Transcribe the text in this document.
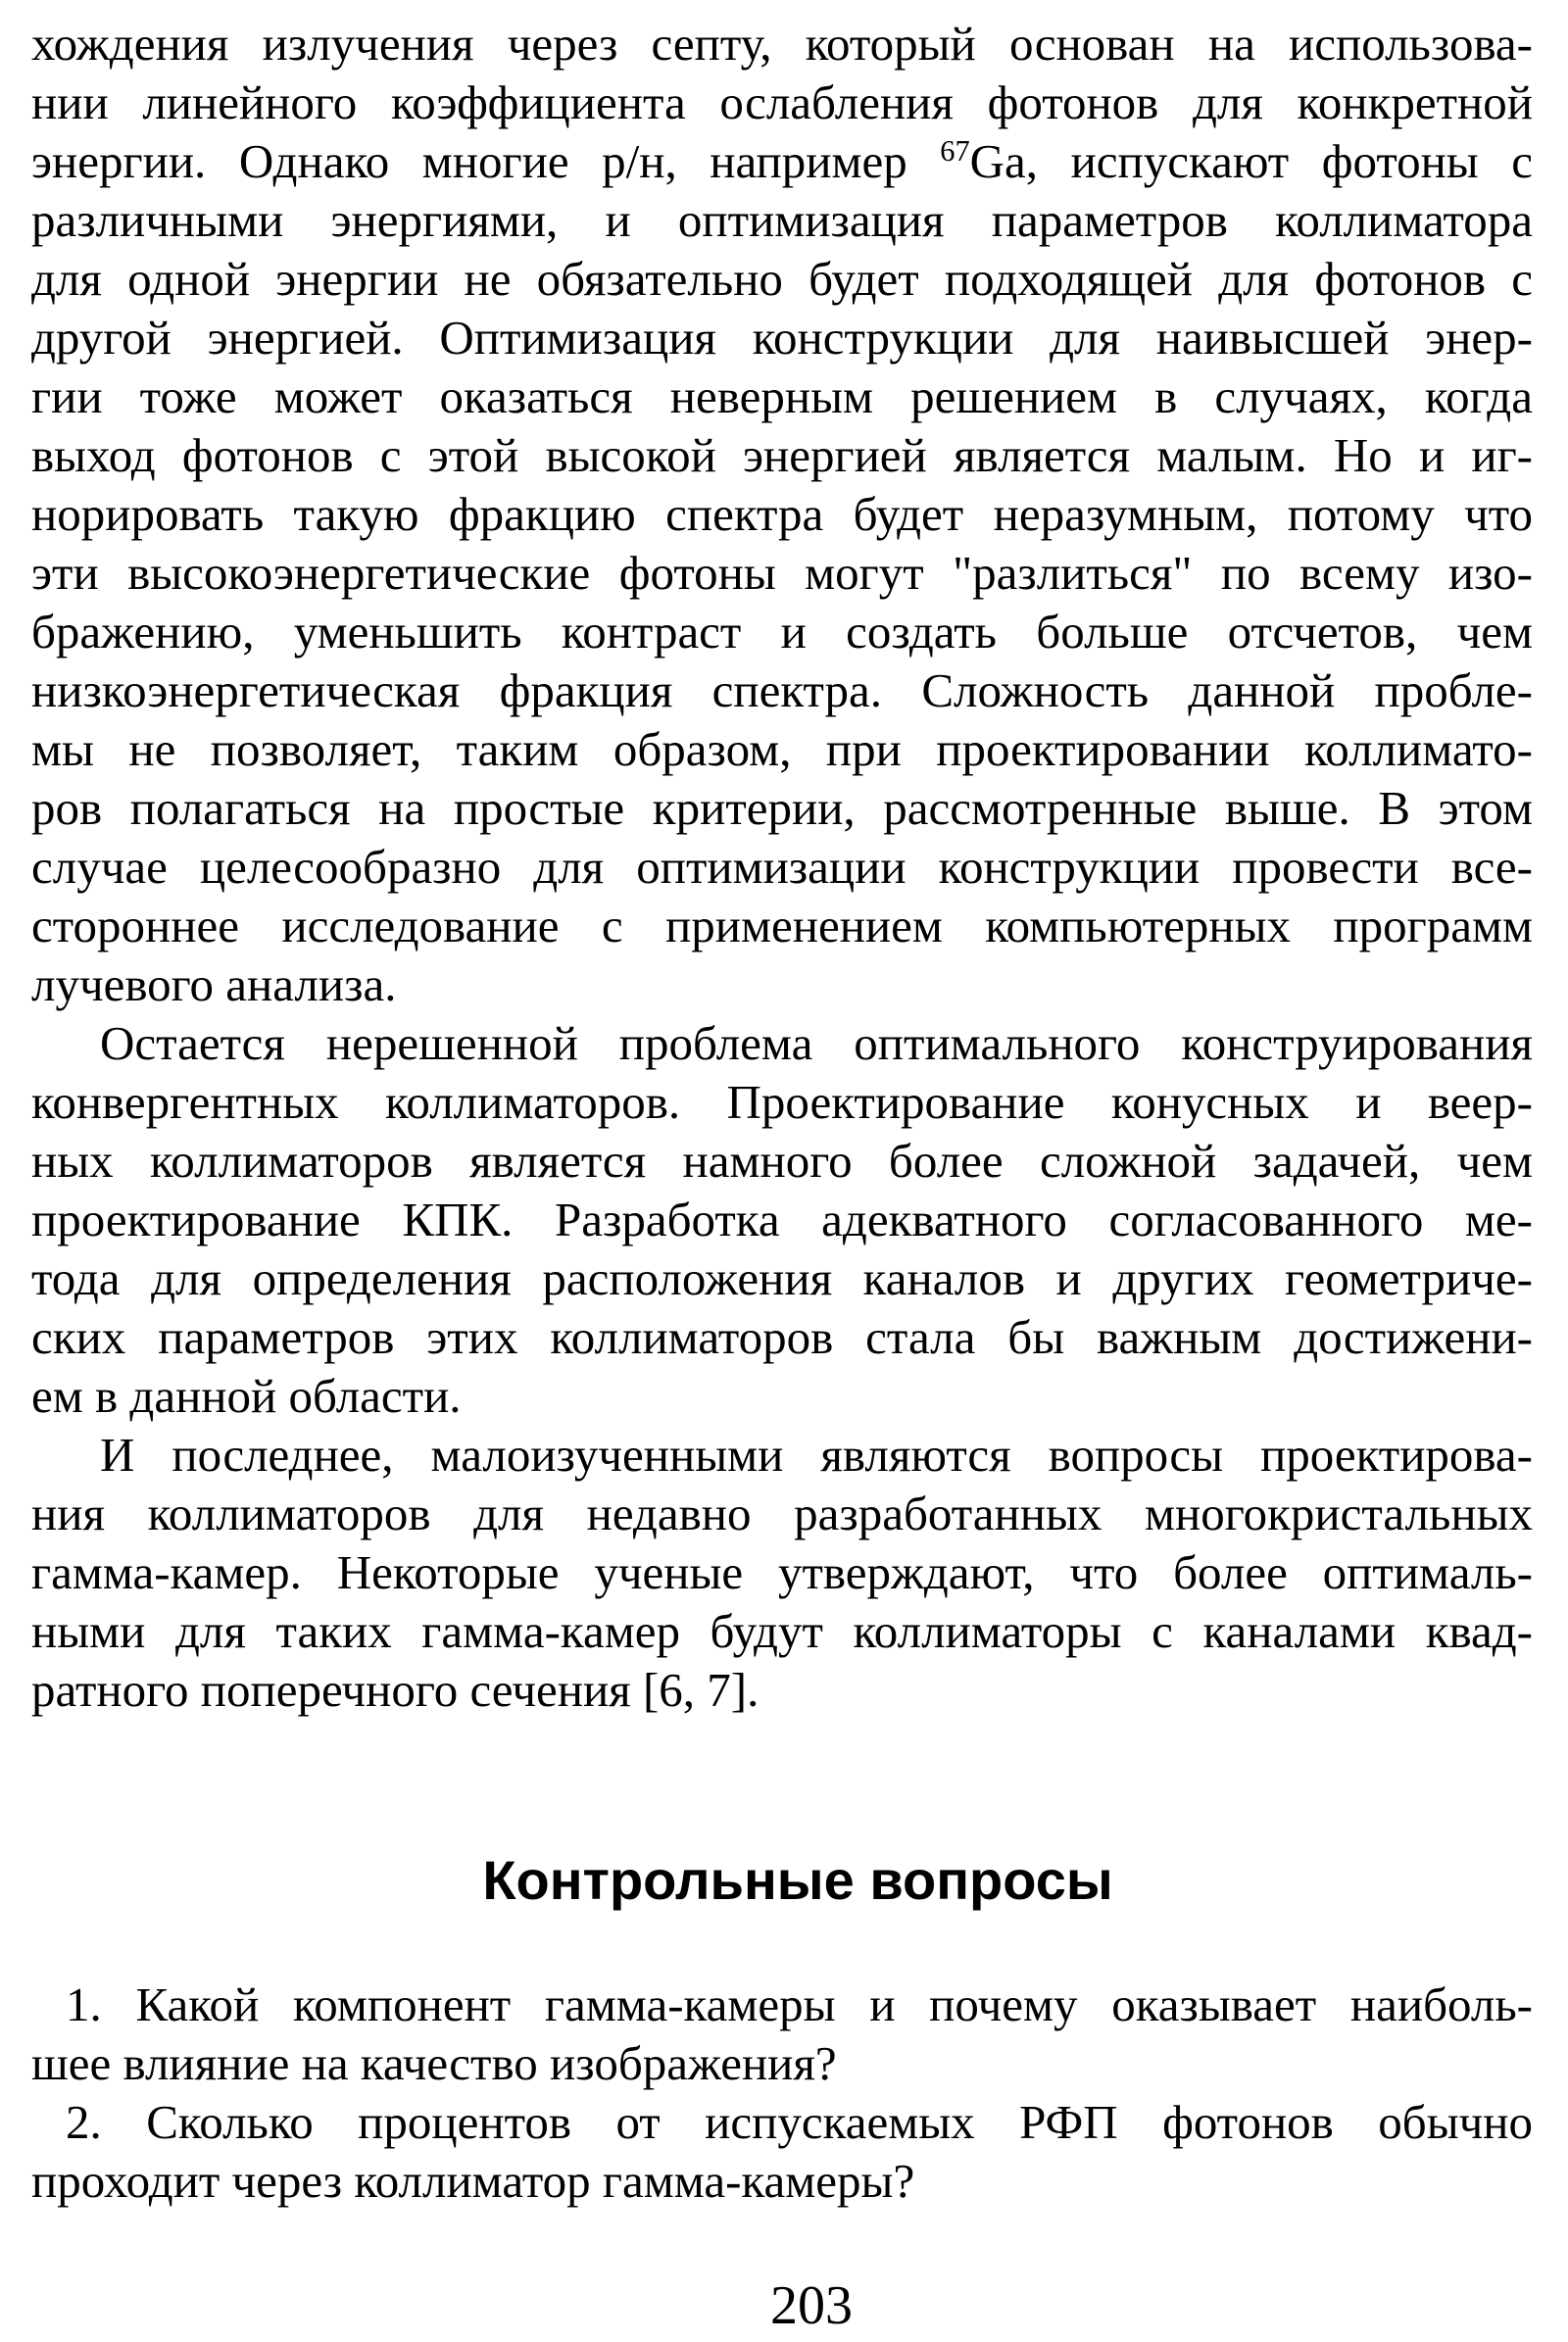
хождения излучения через септу, который основан на использова-
нии линейного коэффициента ослабления фотонов для конкретной
энергии. Однако многие р/н, например $^{67}$Ga, испускают фотоны с
различными энергиями, и оптимизация параметров коллиматора
для одной энергии не обязательно будет подходящей для фотонов с
другой энергией. Оптимизация конструкции для наивысшей энер-
гии тоже может оказаться неверным решением в случаях, когда
выход фотонов с этой высокой энергией является малым. Но и иг-
норировать такую фракцию спектра будет неразумным, потому что
эти высокоэнергетические фотоны могут "разлиться" по всему изо-
бражению, уменьшить контраст и создать больше отсчетов, чем
низкоэнергетическая фракция спектра. Сложность данной пробле-
мы не позволяет, таким образом, при проектировании коллимато-
ров полагаться на простые критерии, рассмотренные выше. В этом
случае целесообразно для оптимизации конструкции провести все-
стороннее исследование с применением компьютерных программ
лучевого анализа.
Остается нерешенной проблема оптимального конструирования
конвергентных коллиматоров. Проектирование конусных и веер-
ных коллиматоров является намного более сложной задачей, чем
проектирование КПК. Разработка адекватного согласованного ме-
тода для определения расположения каналов и других геометриче-
ских параметров этих коллиматоров стала бы важным достижени-
ем в данной области.
И последнее, малоизученными являются вопросы проектирова-
ния коллиматоров для недавно разработанных многокристальных
гамма-камер. Некоторые ученые утверждают, что более оптималь-
ными для таких гамма-камер будут коллиматоры с каналами квад-
ратного поперечного сечения [6, 7].
Контрольные вопросы
1. Какой компонент гамма-камеры и почему оказывает наиболь-
шее влияние на качество изображения?
2. Сколько процентов от испускаемых РФП фотонов обычно
проходит через коллиматор гамма-камеры?
203
